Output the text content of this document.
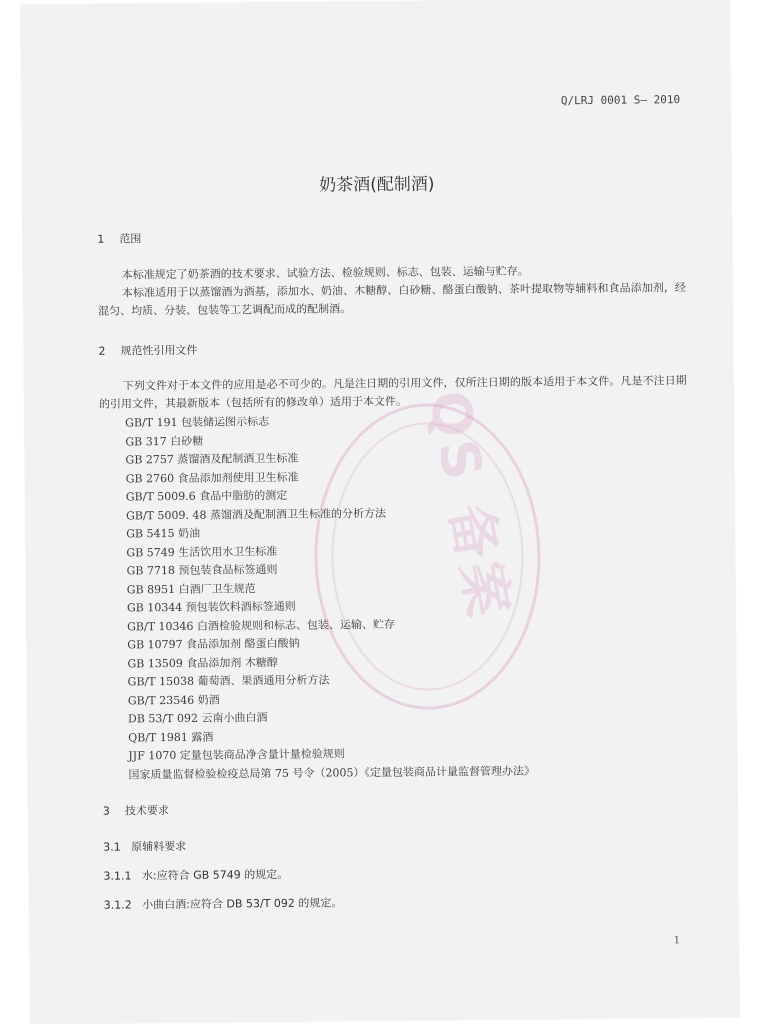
QS 备案
Q/LRJ 0001 S— 2010
奶茶酒(配制酒)
1 范围
本标准规定了奶茶酒的技术要求、试验方法、检验规则、标志、包装、运输与贮存。
本标准适用于以蒸馏酒为酒基，添加水、奶油、木糖醇、白砂糖、酪蛋白酸钠、茶叶提取物等辅料和食品添加剂，经混匀、均质、分装、包装等工艺调配而成的配制酒。
2 规范性引用文件
下列文件对于本文件的应用是必不可少的。凡是注日期的引用文件，仅所注日期的版本适用于本文件。凡是不注日期的引用文件，其最新版本（包括所有的修改单）适用于本文件。
GB/T 191 包装储运图示标志
GB 317 白砂糖
GB 2757 蒸馏酒及配制酒卫生标准
GB 2760 食品添加剂使用卫生标准
GB/T 5009.6 食品中脂肪的测定
GB/T 5009. 48 蒸馏酒及配制酒卫生标准的分析方法
GB 5415 奶油
GB 5749 生活饮用水卫生标准
GB 7718 预包装食品标签通则
GB 8951 白酒厂卫生规范
GB 10344 预包装饮料酒标签通则
GB/T 10346 白酒检验规则和标志、包装、运输、贮存
GB 10797 食品添加剂 酪蛋白酸钠
GB 13509 食品添加剂 木糖醇
GB/T 15038 葡萄酒、果酒通用分析方法
GB/T 23546 奶酒
DB 53/T 092 云南小曲白酒
QB/T 1981 露酒
JJF 1070 定量包装商品净含量计量检验规则
国家质量监督检验检疫总局第 75 号令（2005）《定量包装商品计量监督管理办法》
3 技术要求
3.1 原辅料要求
3.1.1 水:应符合 GB 5749 的规定。
3.1.2 小曲白酒:应符合 DB 53/T 092 的规定。
1
